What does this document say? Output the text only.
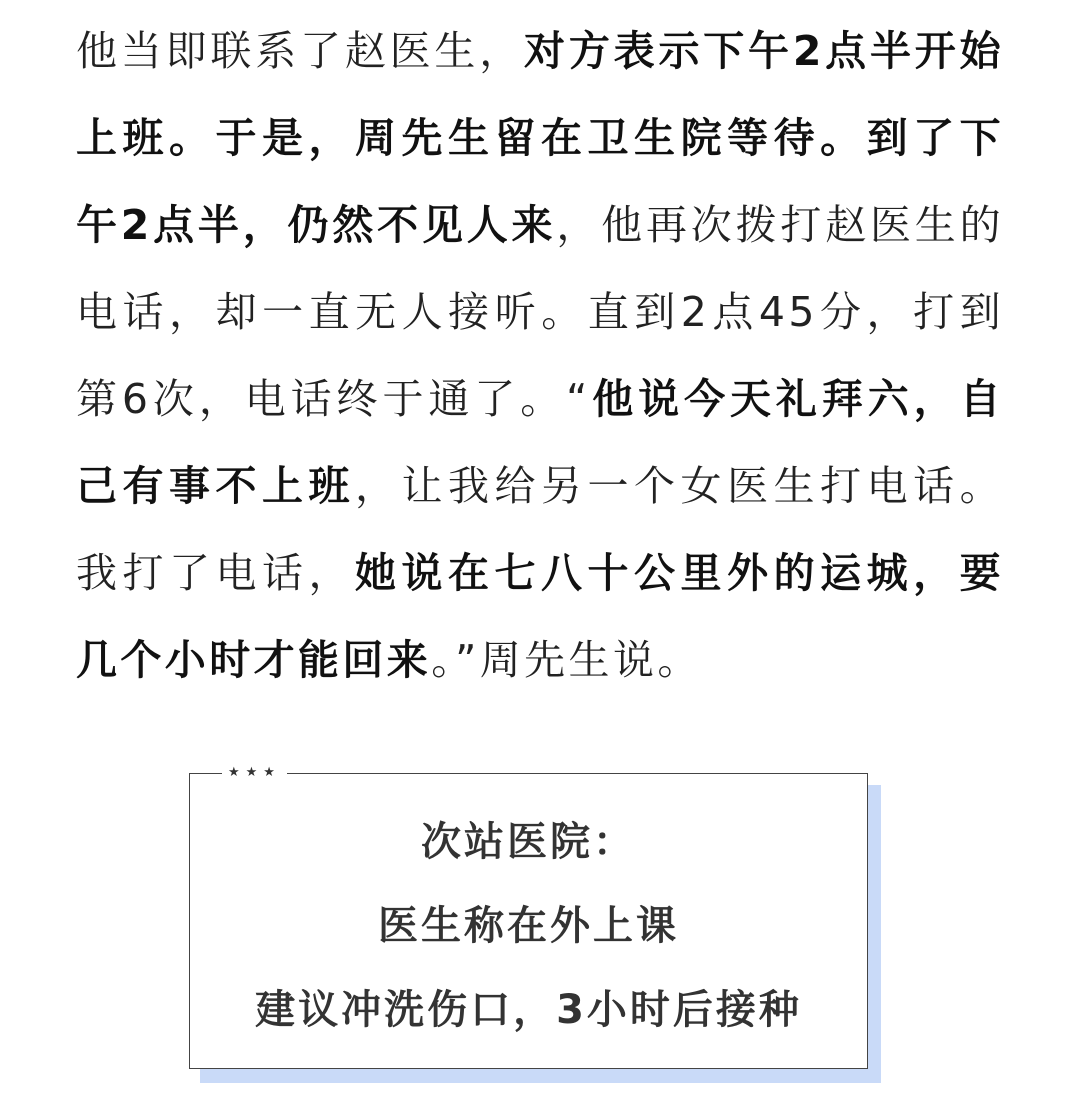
他当即联系了赵医生，对方表示下午2点半开始上班。于是，周先生留在卫生院等待。到了下午2点半，仍然不见人来，他再次拨打赵医生的电话，却一直无人接听。直到2点45分，打到第6次，电话终于通了。“他说今天礼拜六，自己有事不上班，让我给另一个女医生打电话。我打了电话，她说在七八十公里外的运城，要几个小时才能回来。”周先生说。

★★★
次站医院：
医生称在外上课
建议冲洗伤口，3小时后接种
